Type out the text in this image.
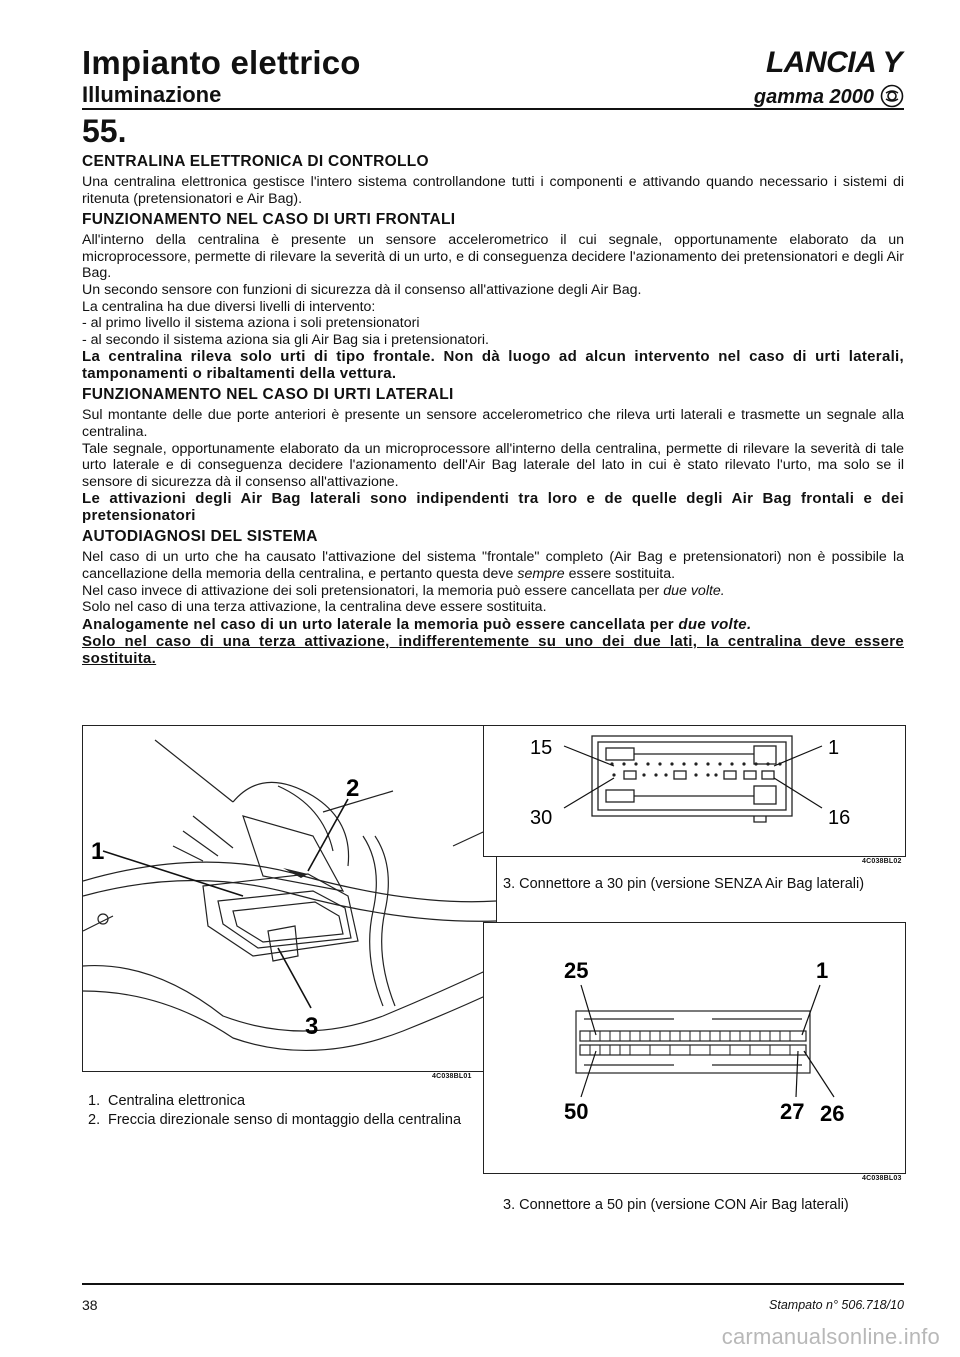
Impianto elettrico
Illuminazione
LANCIA Y
gamma 2000
55.
CENTRALINA ELETTRONICA DI CONTROLLO

Una centralina elettronica gestisce l'intero sistema controllandone tutti i componenti e attivando quando necessario i sistemi di ritenuta (pretensionatori e Air Bag).

FUNZIONAMENTO NEL CASO DI URTI FRONTALI

All'interno della centralina è presente un sensore accelerometrico il cui segnale, opportunamente elaborato da un microprocessore, permette di rilevare la severità di un urto, e di conseguenza decidere l'azionamento dei pretensionatori e degli Air Bag.

Un secondo sensore con funzioni di sicurezza dà il consenso all'attivazione degli Air Bag.

La centralina ha due diversi livelli di intervento:

- al primo livello il sistema aziona i soli pretensionatori

- al secondo il sistema aziona sia gli Air Bag sia i pretensionatori.

La centralina rileva solo urti di tipo frontale. Non dà luogo ad alcun intervento nel caso di urti laterali, tamponamenti o ribaltamenti della vettura.

FUNZIONAMENTO NEL CASO DI URTI LATERALI

Sul montante delle due porte anteriori è presente un sensore accelerometrico che rileva urti laterali e trasmette un segnale alla centralina.

Tale segnale, opportunamente elaborato da un microprocessore all'interno della centralina, permette di rilevare la severità di tale urto laterale e di conseguenza decidere l'azionamento dell'Air Bag laterale del lato in cui è stato rilevato l'urto, ma solo se il sensore di sicurezza dà il consenso all'attivazione.

Le attivazioni degli Air Bag laterali sono indipendenti tra loro e de quelle degli Air Bag frontali e dei pretensionatori

AUTODIAGNOSI DEL SISTEMA

Nel caso di un urto che ha causato l'attivazione del sistema "frontale" completo (Air Bag e pretensionatori) non è possibile la cancellazione della memoria della centralina, e pertanto questa deve sempre essere sostituita.

Nel caso invece di attivazione dei soli pretensionatori, la memoria può essere cancellata per due volte.

Solo nel caso di una terza attivazione, la centralina deve essere sostituita.

Analogamente nel caso di un urto laterale la memoria può essere cancellata per due volte.

Solo nel caso di una terza attivazione, indifferentemente su uno dei due lati, la centralina deve essere sostituita.

1
2
3
4C038BL01
1. Centralina elettronica
2. Freccia direzionale senso di montaggio della centralina
15	1
30	16
4C038BL02
3. Connettore a 30 pin (versione SENZA Air Bag laterali)
25	1
50	27 26
4C038BL03
3. Connettore a 50 pin (versione CON Air Bag laterali)
38	Stampato n° 506.718/10
carmanualsonline.info
